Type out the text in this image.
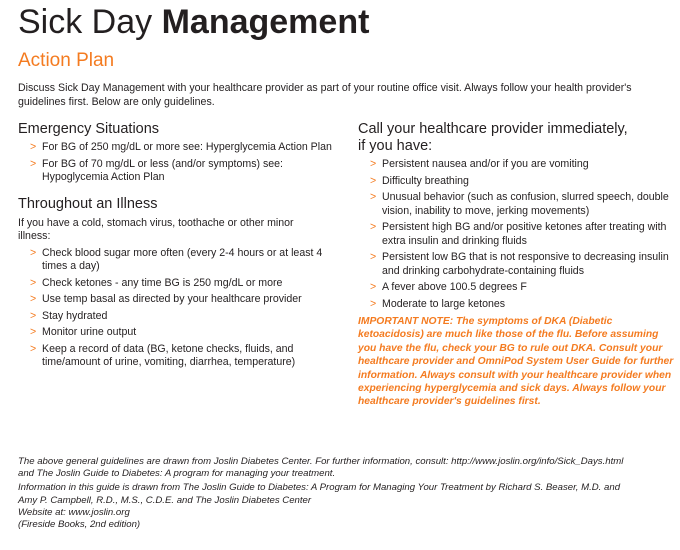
Sick Day Management
Action Plan

Discuss Sick Day Management with your healthcare provider as part of your routine office visit. Always follow your health provider's guidelines first. Below are only guidelines.

Emergency Situations
> For BG of 250 mg/dL or more see: Hyperglycemia Action Plan
> For BG of 70 mg/dL or less (and/or symptoms) see: Hypoglycemia Action Plan
Throughout an Illness

If you have a cold, stomach virus, toothache or other minor illness:

> Check blood sugar more often (every 2-4 hours or at least 4 times a day)
> Check ketones - any time BG is 250 mg/dL or more
> Use temp basal as directed by your healthcare provider
> Stay hydrated
> Monitor urine output
> Keep a record of data (BG, ketone checks, fluids, and time/amount of urine, vomiting, diarrhea, temperature)
Call your healthcare provider immediately,
if you have:
> Persistent nausea and/or if you are vomiting
> Difficulty breathing
> Unusual behavior (such as confusion, slurred speech, double vision, inability to move, jerking movements)
> Persistent high BG and/or positive ketones after treating with extra insulin and drinking fluids
> Persistent low BG that is not responsive to decreasing insulin and drinking carbohydrate-containing fluids
> A fever above 100.5 degrees F
> Moderate to large ketones

IMPORTANT NOTE: The symptoms of DKA (Diabetic ketoacidosis) are much like those of the flu. Before assuming you have the flu, check your BG to rule out DKA. Consult your healthcare provider and OmniPod System User Guide for further information. Always consult with your healthcare provider when experiencing hyperglycemia and sick days. Always follow your healthcare provider's guidelines first.

The above general guidelines are drawn from Joslin Diabetes Center. For further information, consult: http://www.joslin.org/info/Sick_Days.html

and The Joslin Guide to Diabetes: A program for managing your treatment.

Information in this guide is drawn from The Joslin Guide to Diabetes: A Program for Managing Your Treatment by Richard S. Beaser, M.D. and

Amy P. Campbell, R.D., M.S., C.D.E. and The Joslin Diabetes Center

Website at: www.joslin.org

(Fireside Books, 2nd edition)
